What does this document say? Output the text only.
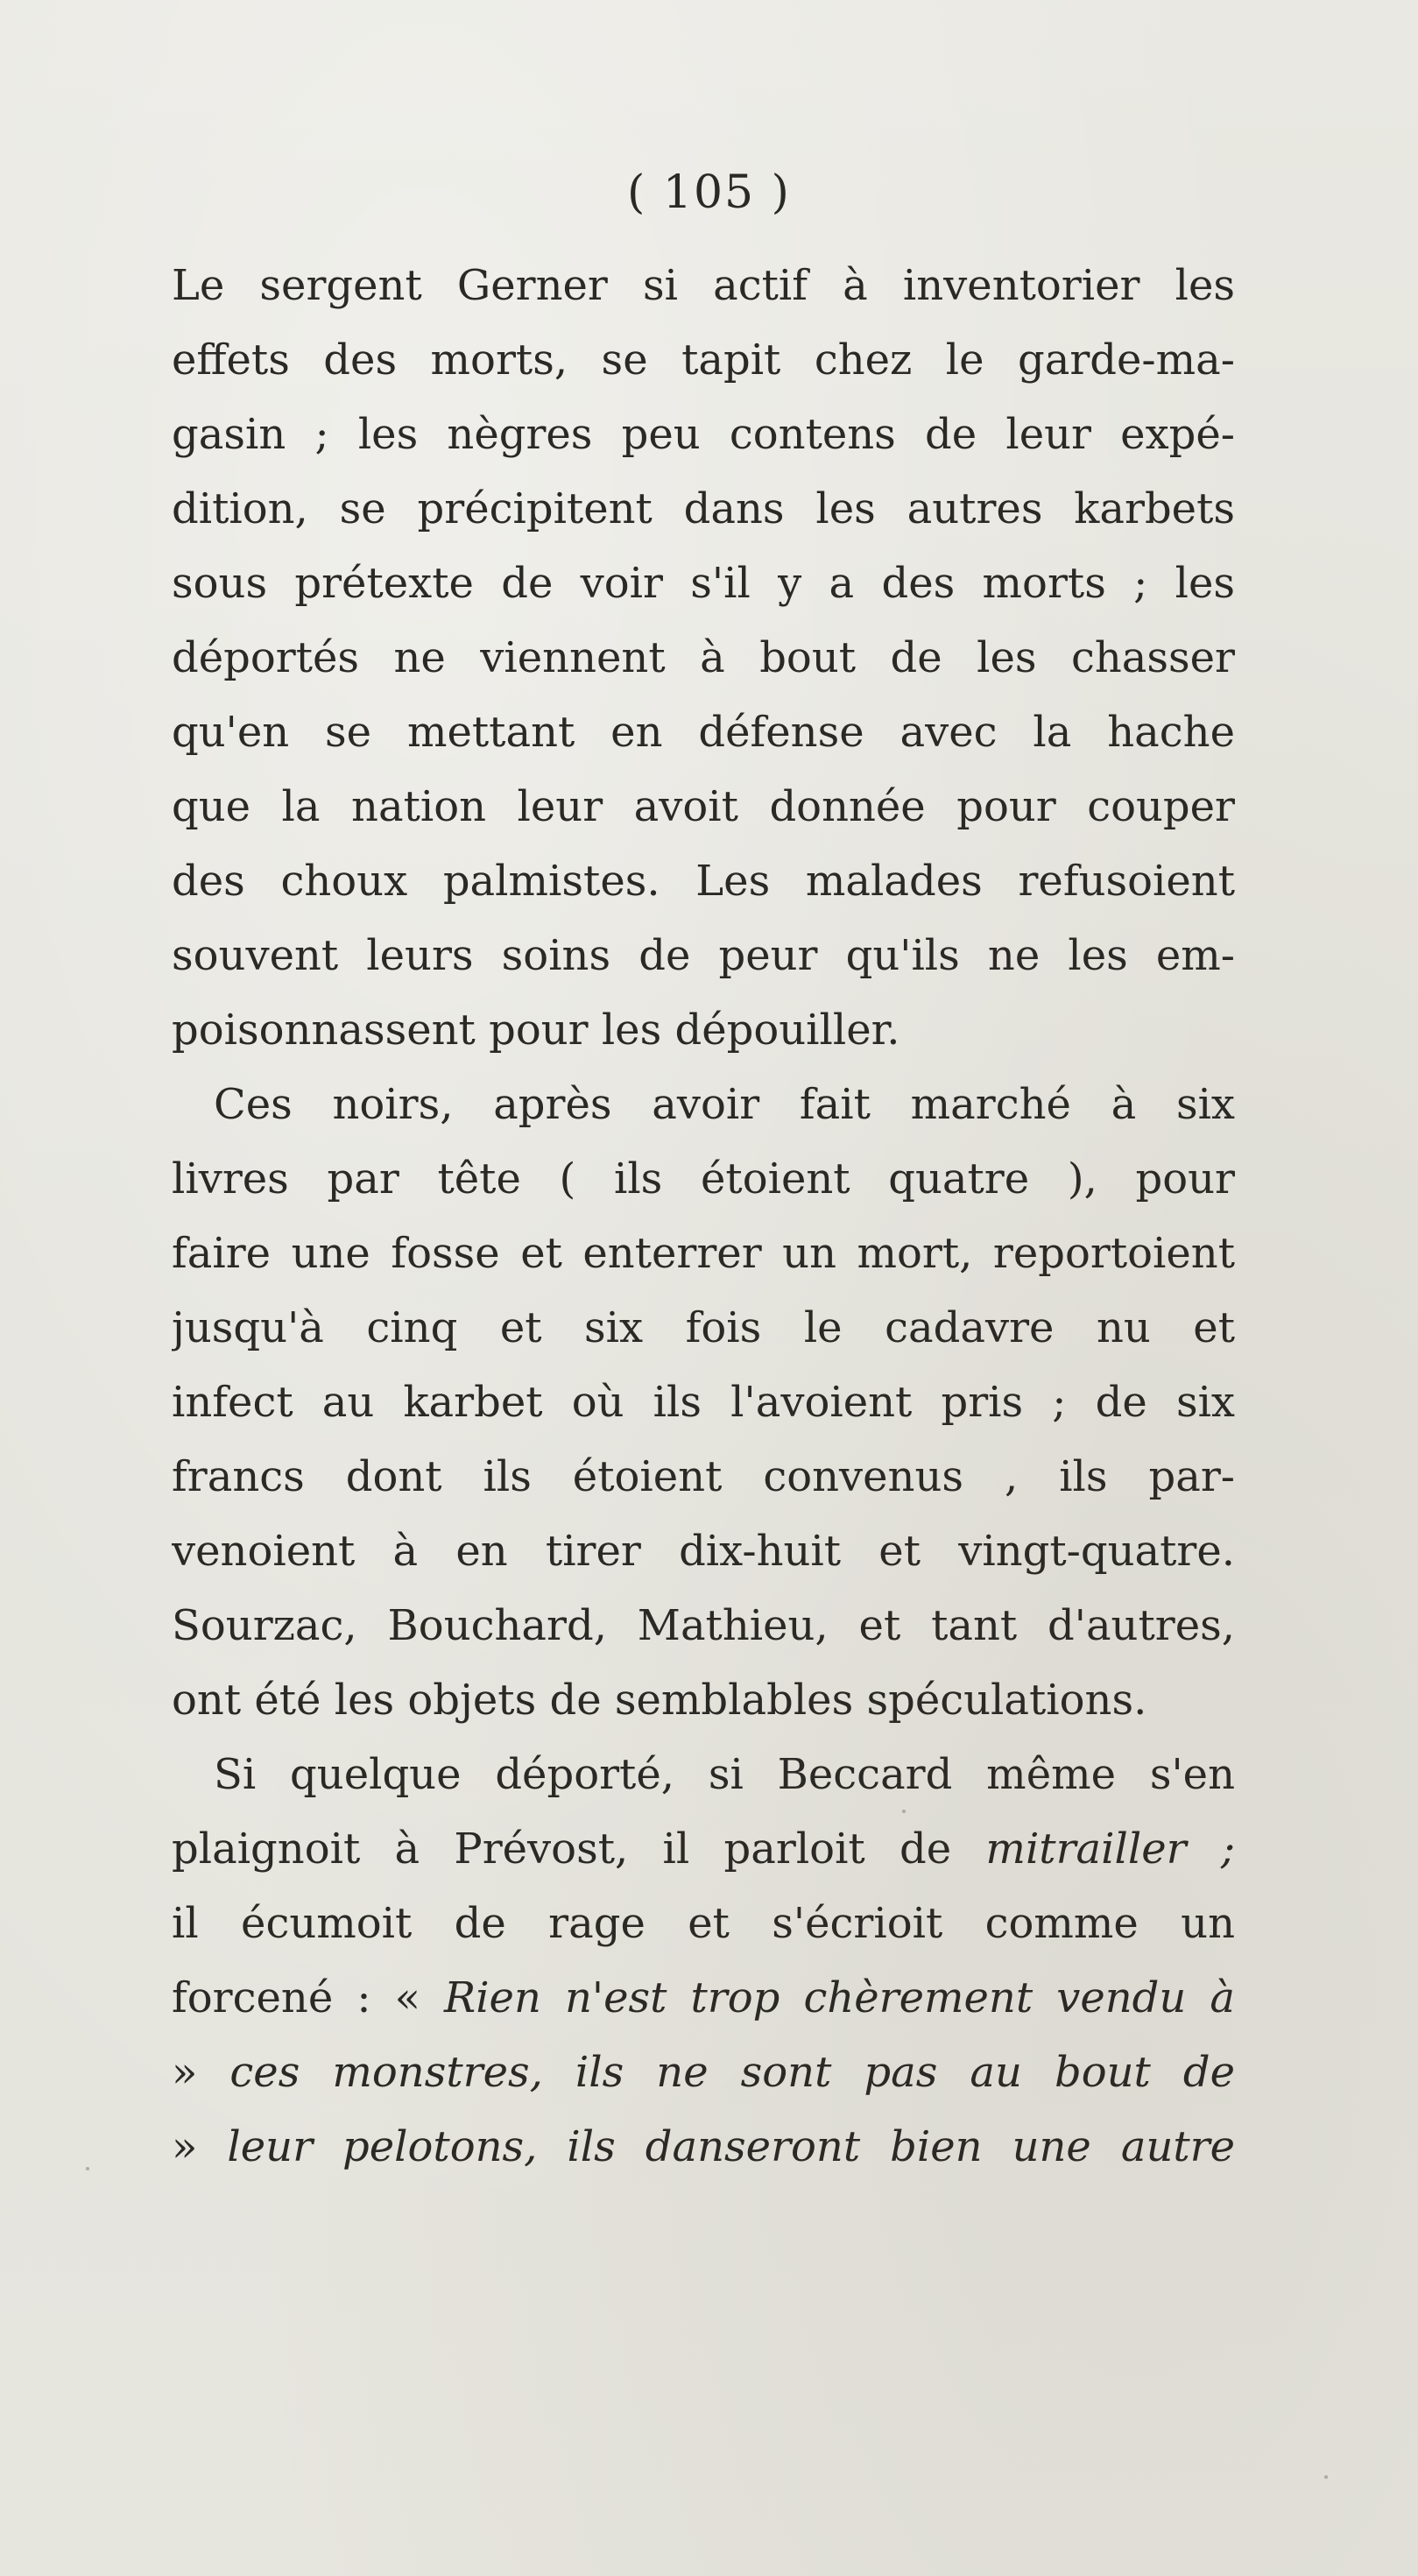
( 105 )
Le sergent Gerner si actif à inventorier les
effets des morts, se tapit chez le garde-ma-
gasin ; les nègres peu contens de leur expé-
dition, se précipitent dans les autres karbets
sous prétexte de voir s'il y a des morts ; les
déportés ne viennent à bout de les chasser
qu'en se mettant en défense avec la hache
que la nation leur avoit donnée pour couper
des choux palmistes. Les malades refusoient
souvent leurs soins de peur qu'ils ne les em-
poisonnassent pour les dépouiller.
Ces noirs, après avoir fait marché à six
livres par tête ( ils étoient quatre ), pour
faire une fosse et enterrer un mort, reportoient
jusqu'à cinq et six fois le cadavre nu et
infect au karbet où ils l'avoient pris ; de six
francs dont ils étoient convenus , ils par-
venoient à en tirer dix-huit et vingt-quatre.
Sourzac, Bouchard, Mathieu, et tant d'autres,
ont été les objets de semblables spéculations.
Si quelque déporté, si Beccard même s'en
plaignoit à Prévost, il parloit de mitrailler ;
il écumoit de rage et s'écrioit comme un
forcené : « Rien n'est trop chèrement vendu à
» ces monstres, ils ne sont pas au bout de
» leur pelotons, ils danseront bien une autre
